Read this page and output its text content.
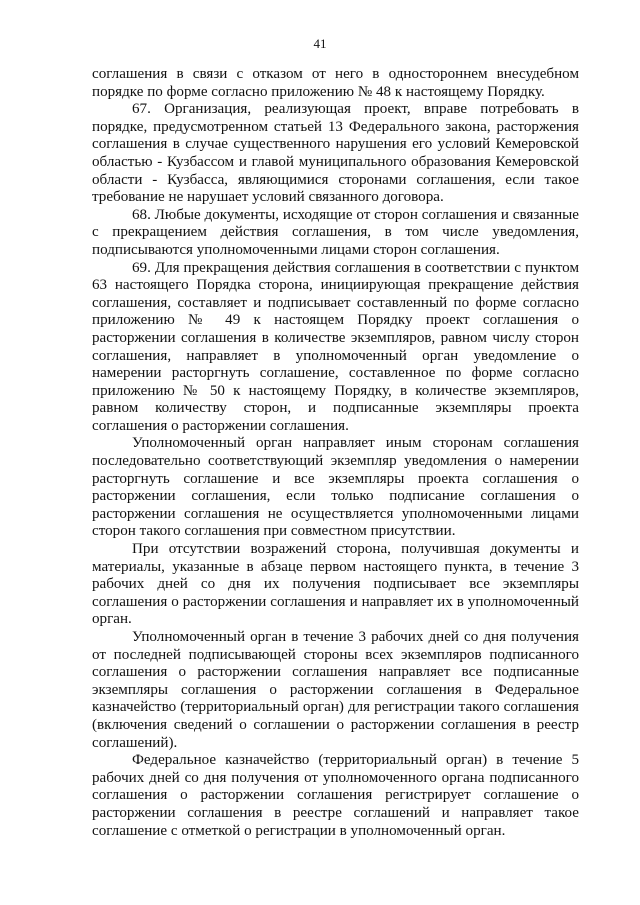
41

соглашения в связи с отказом от него в одностороннем внесудебном порядке по форме согласно приложению № 48 к настоящему Порядку.

67. Организация, реализующая проект, вправе потребовать в порядке, предусмотренном статьей 13 Федерального закона, расторжения соглашения в случае существенного нарушения его условий Кемеровской областью - Кузбассом и главой муниципального образования Кемеровской области - Кузбасса, являющимися сторонами соглашения, если такое требование не нарушает условий связанного договора.

68. Любые документы, исходящие от сторон соглашения и связанные с прекращением действия соглашения, в том числе уведомления, подписываются уполномоченными лицами сторон соглашения.

69. Для прекращения действия соглашения в соответствии с пунктом 63 настоящего Порядка сторона, инициирующая прекращение действия соглашения, составляет и подписывает составленный по форме согласно приложению № 49 к настоящем Порядку проект соглашения о расторжении соглашения в количестве экземпляров, равном числу сторон соглашения, направляет в уполномоченный орган уведомление о намерении расторгнуть соглашение, составленное по форме согласно приложению № 50 к настоящему Порядку, в количестве экземпляров, равном количеству сторон, и подписанные экземпляры проекта соглашения о расторжении соглашения.

Уполномоченный орган направляет иным сторонам соглашения последовательно соответствующий экземпляр уведомления о намерении расторгнуть соглашение и все экземпляры проекта соглашения о расторжении соглашения, если только подписание соглашения о расторжении соглашения не осуществляется уполномоченными лицами сторон такого соглашения при совместном присутствии.

При отсутствии возражений сторона, получившая документы и материалы, указанные в абзаце первом настоящего пункта, в течение 3 рабочих дней со дня их получения подписывает все экземпляры соглашения о расторжении соглашения и направляет их в уполномоченный орган.

Уполномоченный орган в течение 3 рабочих дней со дня получения от последней подписывающей стороны всех экземпляров подписанного соглашения о расторжении соглашения направляет все подписанные экземпляры соглашения о расторжении соглашения в Федеральное казначейство (территориальный орган) для регистрации такого соглашения (включения сведений о соглашении о расторжении соглашения в реестр соглашений).

Федеральное казначейство (территориальный орган) в течение 5 рабочих дней со дня получения от уполномоченного органа подписанного соглашения о расторжении соглашения регистрирует соглашение о расторжении соглашения в реестре соглашений и направляет такое соглашение с отметкой о регистрации в уполномоченный орган.
